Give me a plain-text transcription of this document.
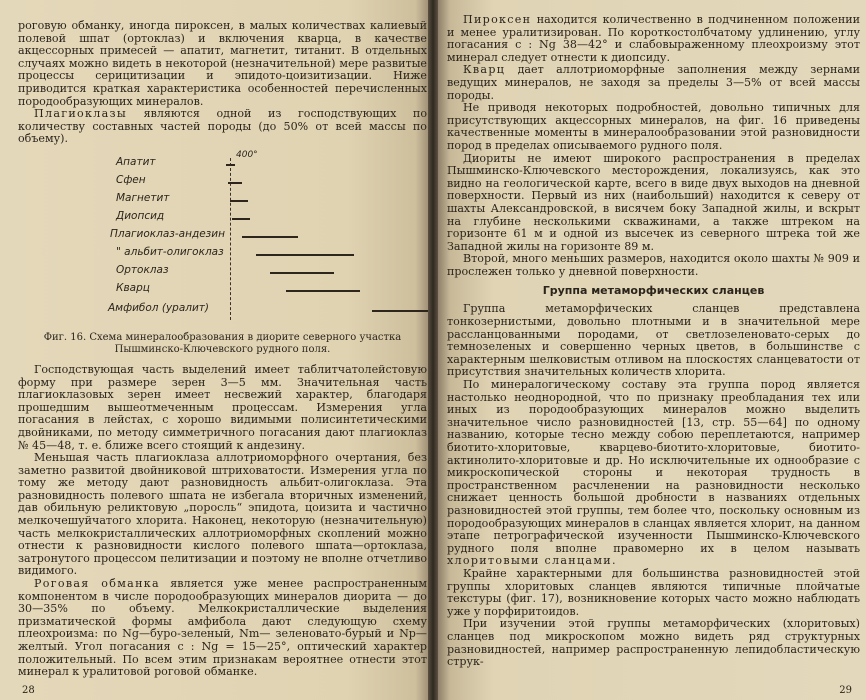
роговую обманку, иногда пироксен, в малых количествах калиевый полевой шпат (ортоклаз) и включения кварца, в качестве акцессорных примесей — апатит, магнетит, титанит. В отдельных случаях можно видеть в некоторой (незначительной) мере развитые процессы серицитизации и эпидото-цоизитизации. Ниже приводится краткая характеристика особенностей перечисленных породообразующих минералов.

Плагиоклазы являются одной из господствующих по количеству составных частей породы (до 50% от всей массы по объему).

400°
Апатит
Сфен
Магнетит
Диопсид
Плагиоклаз-андезин
" альбит-олигоклаз
Ортоклаз
Кварц
Амфибол (уралит)

Фиг. 16. Схема минералообразования в диорите северного участка Пышминско-Ключевского рудного поля.

Господствующая часть выделений имеет таблитчатолейстовую форму при размере зерен 3—5 мм. Значительная часть плагиоклазовых зерен имеет несвежий характер, благодаря прошедшим вышеотмеченным процессам. Измерения угла погасания в лейстах, с хорошо видимыми полисинтетическими двойниками, по методу симметричного погасания дают плагиоклаз № 45—48, т. е. ближе всего стоящий к андезину.

Меньшая часть плагиоклаза аллотриоморфного очертания, без заметно развитой двойниковой штриховатости. Измерения угла по тому же методу дают разновидность альбит-олигоклаза. Эта разновидность полевого шпата не избегала вторичных изменений, дав обильную реликтовую „поросль“ эпидота, цоизита и частично мелкочешуйчатого хлорита. Наконец, некоторую (незначительную) часть мелкокристаллических аллотриоморфных скоплений можно отнести к разновидности кислого полевого шпата—ортоклаза, затронутого процессом пелитизации и поэтому не вполне отчетливо видимого.

Роговая обманка является уже менее распространенным компонентом в числе породообразующих минералов диорита — до 30—35% по объему. Мелкокристаллические выделения призматической формы амфибола дают следующую схему плеохроизма: по Ng—буро-зеленый, Nm— зеленовато-бурый и Np— желтый. Угол погасания c : Ng = 15—25°, оптический характер положительный. По всем этим признакам вероятнее отнести этот минерал к уралитовой роговой обманке.

28

Пироксен находится количественно в подчиненном положении и менее уралитизирован. По короткостолбчатому удлинению, углу погасания c : Ng 38—42° и слабовыраженному плеохроизму этот минерал следует отнести к диопсиду.

Кварц дает аллотриоморфные заполнения между зернами ведущих минералов, не заходя за пределы 3—5% от всей массы породы.

Не приводя некоторых подробностей, довольно типичных для присутствующих акцессорных минералов, на фиг. 16 приведены качественные моменты в минералообразовании этой разновидности пород в пределах описываемого рудного поля.

Диориты не имеют широкого распространения в пределах Пышминско-Ключевского месторождения, локализуясь, как это видно на геологической карте, всего в виде двух выходов на дневной поверхности. Первый из них (наибольший) находится к северу от шахты Александровской, в висячем боку Западной жилы, и вскрыт на глубине несколькими скважинами, а также штреком на горизонте 61 м и одной из высечек из северного штрека той же Западной жилы на горизонте 89 м.

Второй, много меньших размеров, находится около шахты № 909 и прослежен только у дневной поверхности.

Группа метаморфических сланцев

Группа метаморфических сланцев представлена тонкозернистыми, довольно плотными и в значительной мере рассланцованными породами, от светлозеленовато-серых до темнозеленых и совершенно черных цветов, в большинстве с характерным шелковистым отливом на плоскостях сланцеватости от присутствия значительных количеств хлорита.

По минералогическому составу эта группа пород является настолько неоднородной, что по признаку преобладания тех или иных из породообразующих минералов можно выделить значительное число разновидностей [13, стр. 55—64] по одному названию, которые тесно между собою переплетаются, например биотито-хлоритовые, кварцево-биотито-хлоритовые, биотито-актинолито-хлоритовые и др. Но исключительные их однообразие с микроскопической стороны и некоторая трудность в пространственном расчленении на разновидности несколько снижает ценность большой дробности в названиях отдельных разновидностей этой группы, тем более что, поскольку основным из породообразующих минералов в сланцах является хлорит, на данном этапе петрографической изученности Пышминско-Ключевского рудного поля вполне правомерно их в целом называть хлоритовыми сланцами.

Крайне характерными для большинства разновидностей этой группы хлоритовых сланцев являются типичные плойчатые текстуры (фиг. 17), возникновение которых часто можно наблюдать уже у порфиритоидов.

При изучении этой группы метаморфических (хлоритовых) сланцев под микроскопом можно видеть ряд структурных разновидностей, например распространенную лепидобластическую струк-

29
